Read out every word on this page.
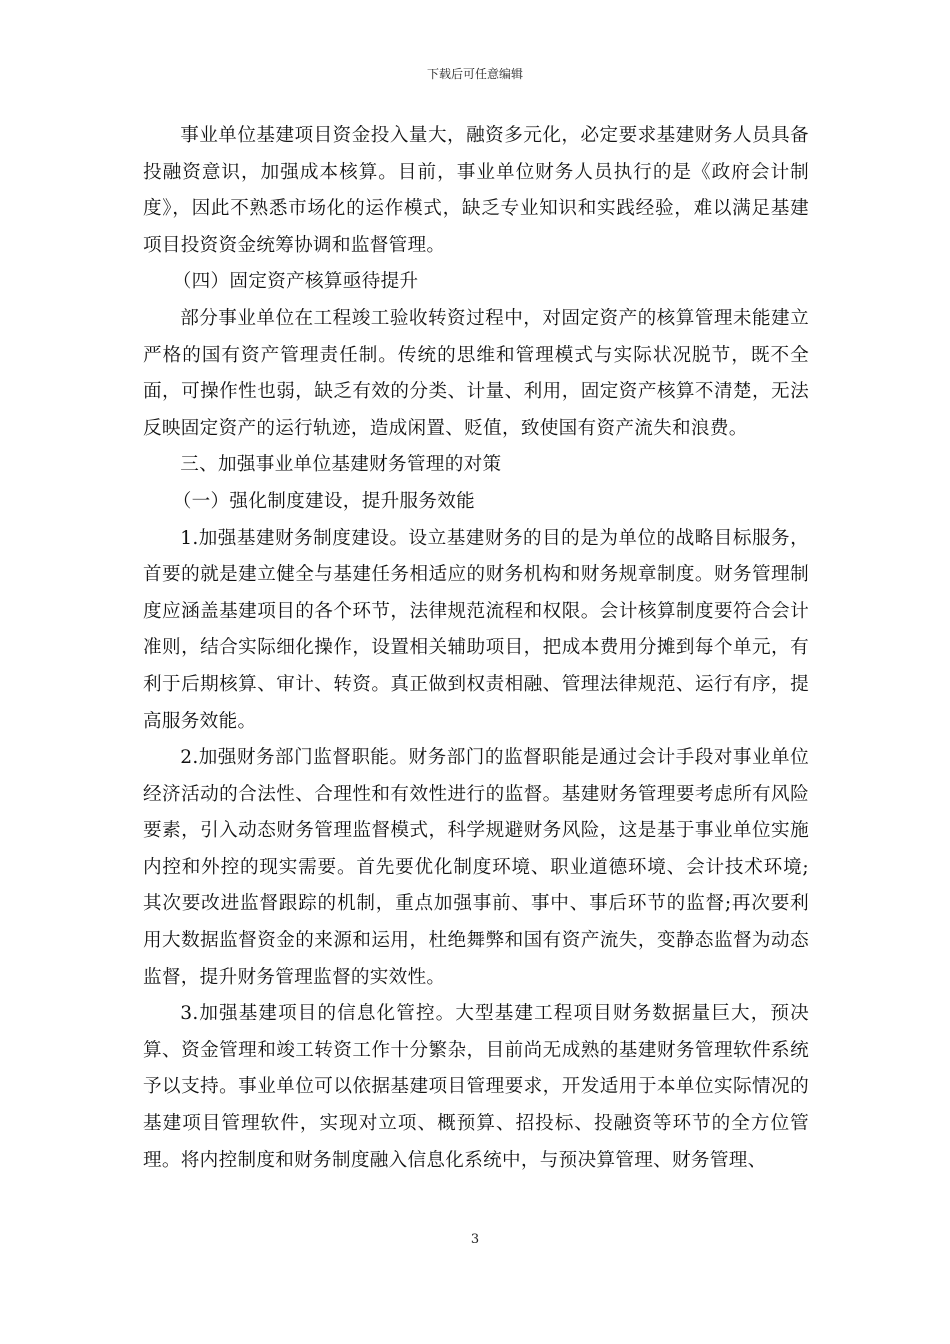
下载后可任意编辑

事业单位基建项目资金投入量大，融资多元化，必定要求基建财务人员具备投融资意识，加强成本核算。目前，事业单位财务人员执行的是《政府会计制度》，因此不熟悉市场化的运作模式，缺乏专业知识和实践经验，难以满足基建项目投资资金统筹协调和监督管理。

（四）固定资产核算亟待提升

部分事业单位在工程竣工验收转资过程中，对固定资产的核算管理未能建立严格的国有资产管理责任制。传统的思维和管理模式与实际状况脱节，既不全面，可操作性也弱，缺乏有效的分类、计量、利用，固定资产核算不清楚，无法反映固定资产的运行轨迹，造成闲置、贬值，致使国有资产流失和浪费。

三、加强事业单位基建财务管理的对策

（一）强化制度建设，提升服务效能

1.加强基建财务制度建设。设立基建财务的目的是为单位的战略目标服务，首要的就是建立健全与基建任务相适应的财务机构和财务规章制度。财务管理制度应涵盖基建项目的各个环节，法律规范流程和权限。会计核算制度要符合会计准则，结合实际细化操作，设置相关辅助项目，把成本费用分摊到每个单元，有利于后期核算、审计、转资。真正做到权责相融、管理法律规范、运行有序，提高服务效能。

2.加强财务部门监督职能。财务部门的监督职能是通过会计手段对事业单位经济活动的合法性、合理性和有效性进行的监督。基建财务管理要考虑所有风险要素，引入动态财务管理监督模式，科学规避财务风险，这是基于事业单位实施内控和外控的现实需要。首先要优化制度环境、职业道德环境、会计技术环境;其次要改进监督跟踪的机制，重点加强事前、事中、事后环节的监督;再次要利用大数据监督资金的来源和运用，杜绝舞弊和国有资产流失，变静态监督为动态监督，提升财务管理监督的实效性。

3.加强基建项目的信息化管控。大型基建工程项目财务数据量巨大，预决算、资金管理和竣工转资工作十分繁杂，目前尚无成熟的基建财务管理软件系统予以支持。事业单位可以依据基建项目管理要求，开发适用于本单位实际情况的基建项目管理软件，实现对立项、概预算、招投标、投融资等环节的全方位管理。将内控制度和财务制度融入信息化系统中，与预决算管理、财务管理、

3
